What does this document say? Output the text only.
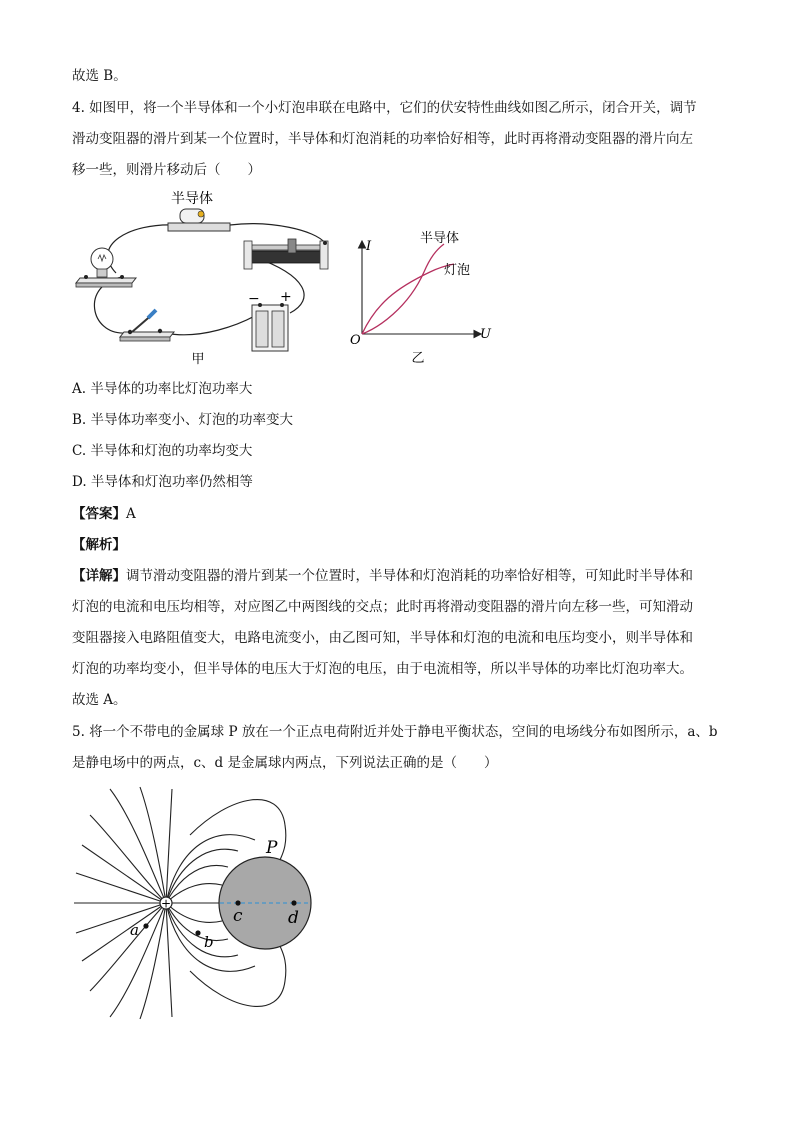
故选 B。
4. 如图甲，将一个半导体和一个小灯泡串联在电路中，它们的伏安特性曲线如图乙所示，闭合开关，调节
滑动变阻器的滑片到某一个位置时，半导体和灯泡消耗的功率恰好相等，此时再将滑动变阻器的滑片向左
移一些，则滑片移动后（　　）
半导体
− +
甲
I
U
O
半导体
灯泡
乙
A. 半导体的功率比灯泡功率大
B. 半导体功率变小、灯泡的功率变大
C. 半导体和灯泡的功率均变大
D. 半导体和灯泡功率仍然相等
【答案】A
【解析】
【详解】调节滑动变阻器的滑片到某一个位置时，半导体和灯泡消耗的功率恰好相等，可知此时半导体和
灯泡的电流和电压均相等，对应图乙中两图线的交点；此时再将滑动变阻器的滑片向左移一些，可知滑动
变阻器接入电路阻值变大，电路电流变小，由乙图可知，半导体和灯泡的电流和电压均变小，则半导体和
灯泡的功率均变小，但半导体的电压大于灯泡的电压，由于电流相等，所以半导体的功率比灯泡功率大。
故选 A。
5. 将一个不带电的金属球 P 放在一个正点电荷附近并处于静电平衡状态，空间的电场线分布如图所示，a、b
是静电场中的两点，c、d 是金属球内两点，下列说法正确的是（　　）
+
a
b
c	d
P
